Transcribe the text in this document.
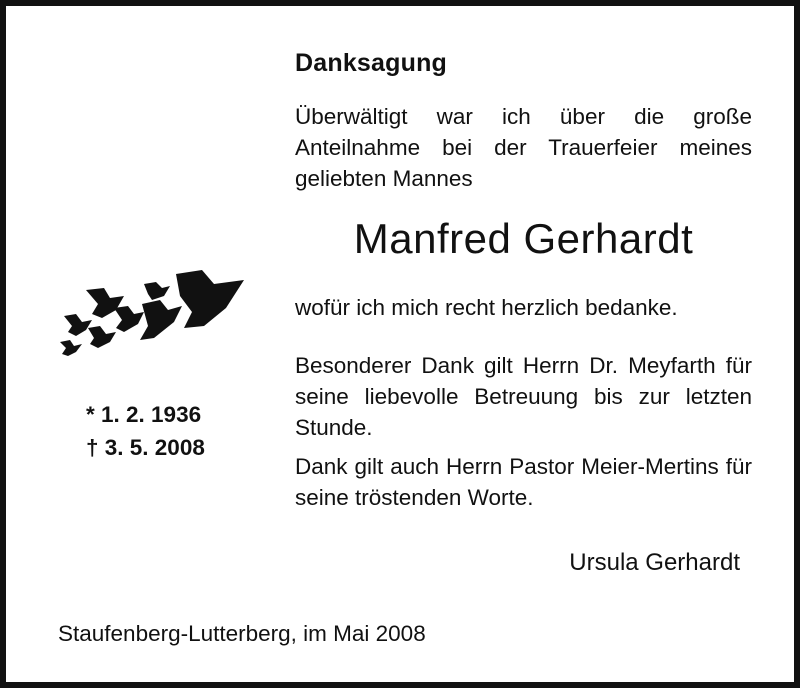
Danksagung
Überwältigt war ich über die große Anteilnahme bei der Trauerfeier meines geliebten Mannes
Manfred Gerhardt
wofür ich mich recht herzlich bedanke.
Besonderer Dank gilt Herrn Dr. Meyfarth für seine liebevolle Betreuung bis zur letzten Stunde.
Dank gilt auch Herrn Pastor Meier-Mertins für seine tröstenden Worte.
Ursula Gerhardt
* 1. 2. 1936
† 3. 5. 2008
Staufenberg-Lutterberg, im Mai 2008
